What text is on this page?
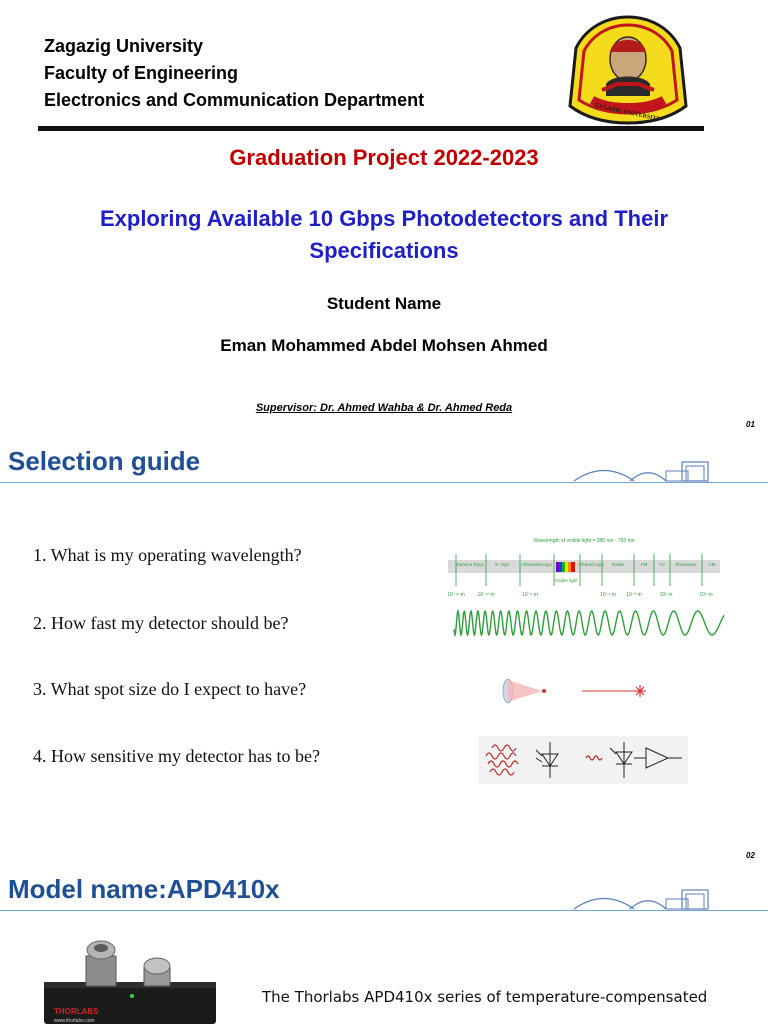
Zagazig University
Faculty of Engineering
Electronics and Communication Department
ZAGAZIG UNIVERSITY
Graduation Project 2022-2023
Exploring Available 10 Gbps Photodetectors and Their
Specifications
Student Name
Eman Mohammed Abdel Mohsen Ahmed
Supervisor: Dr. Ahmed Wahba & Dr. Ahmed Reda
01
Selection guide
1. What is my operating wavelength?
2. How fast my detector should be?
3. What spot size do I expect to have?
4. How sensitive my detector has to be?
Wavelength of visible light = 380 nm - 750 nm
Gamma Rays X- rays	Ultraviolet rays
Visible light
Infrared rays Radar	FM	TV Shortwave	AM
10⁻¹⁴ m	10⁻¹² m	10⁻⁸ m	10⁻⁴ m 10⁻² m	10² m	10⁴ m
02
Model name:APD410x
THORLABS
www.thorlabs.com
The Thorlabs APD410x series of temperature-compensated
